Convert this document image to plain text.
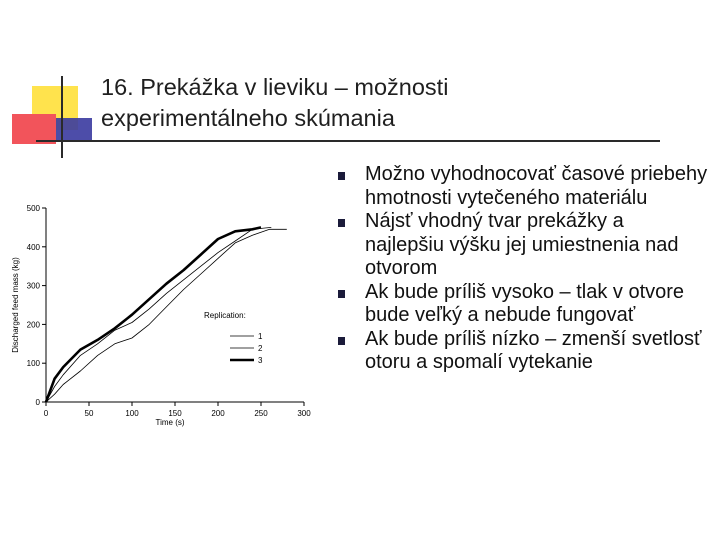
16. Prekážka v lieviku – možnosti
experimentálneho skúmania
Možno vyhodnocovať časové priebehy hmotnosti vytečeného materiálu
Nájsť vhodný tvar prekážky a najlepšiu výšku jej umiestnenia nad otvorom
Ak bude príliš vysoko – tlak v otvore bude veľký a nebude fungovať
Ak bude príliš nízko – zmenší svetlosť otoru a spomalí vytekanie
0
100
200
300
400
500
0	50	100	150	200	250	300
Time (s)
Discharged feed mass (kg)	Replication:
1
2
3
